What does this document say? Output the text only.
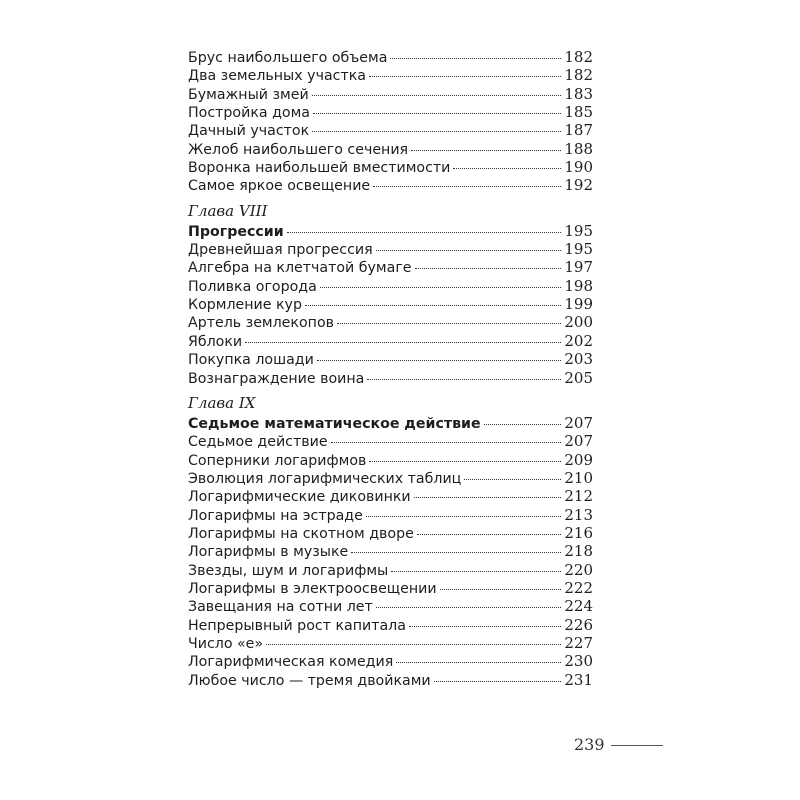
Брус наибольшего объема	182
Два земельных участка	182
Бумажный змей	183
Постройка дома	185
Дачный участок	187
Желоб наибольшего сечения	188
Воронка наибольшей вместимости	190
Самое яркое освещение	192
Глава VIII
Прогрессии	195
Древнейшая прогрессия	195
Алгебра на клетчатой бумаге	197
Поливка огорода	198
Кормление кур	199
Артель землекопов	200
Яблоки	202
Покупка лошади	203
Вознаграждение воина	205
Глава IX
Седьмое математическое действие	207
Седьмое действие	207
Соперники логарифмов	209
Эволюция логарифмических таблиц	210
Логарифмические диковинки	212
Логарифмы на эстраде	213
Логарифмы на скотном дворе	216
Логарифмы в музыке	218
Звезды, шум и логарифмы	220
Логарифмы в электроосвещении	222
Завещания на сотни лет	224
Непрерывный рост капитала	226
Число «e»	227
Логарифмическая комедия	230
Любое число — тремя двойками	231
239
